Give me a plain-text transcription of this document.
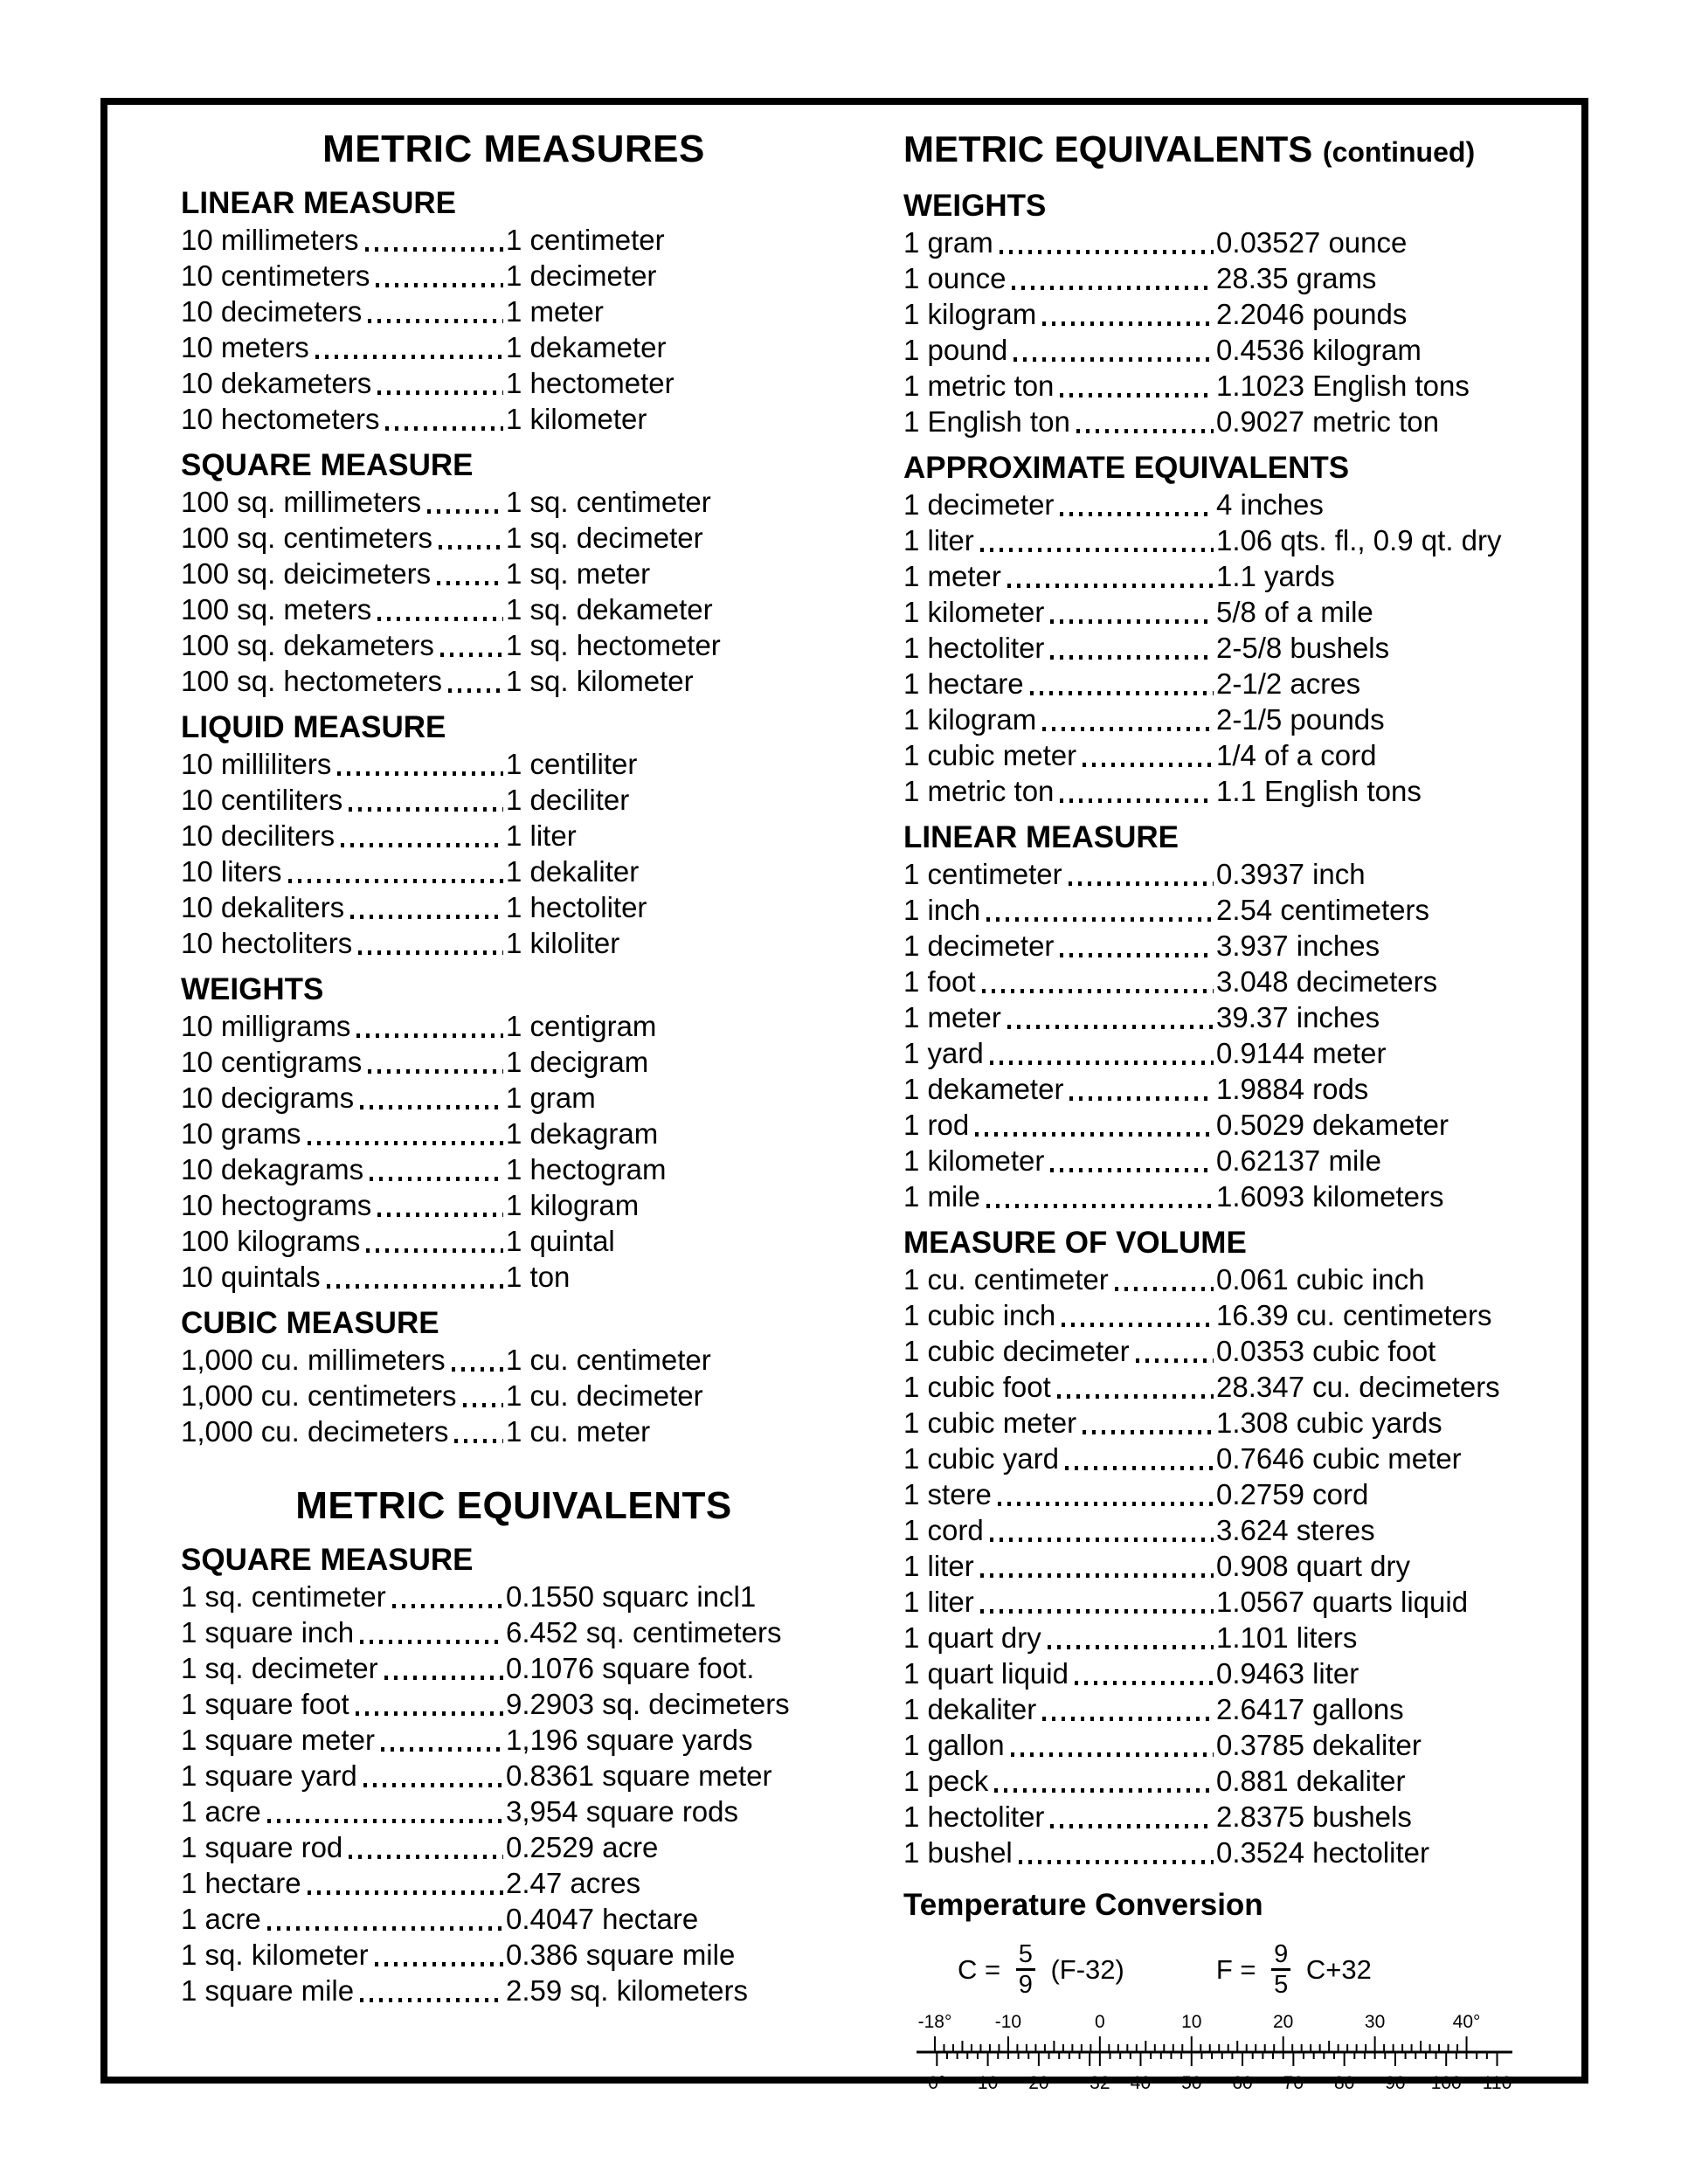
METRIC MEASURES
LINEAR MEASURE
10 millimeters	1 centimeter
10 centimeters	1 decimeter
10 decimeters	1 meter
10 meters	1 dekameter
10 dekameters	1 hectometer
10 hectometers	1 kilometer
SQUARE MEASURE
100 sq. millimeters	1 sq. centimeter
100 sq. centimeters	1 sq. decimeter
100 sq. deicimeters	1 sq. meter
100 sq. meters	1 sq. dekameter
100 sq. dekameters 1 sq. hectometer
100 sq. hectometers 1 sq. kilometer
LIQUID MEASURE
10 milliliters	1 centiliter
10 centiliters	1 deciliter
10 deciliters	1 liter
10 liters	1 dekaliter
10 dekaliters	1 hectoliter
10 hectoliters	1 kiloliter
WEIGHTS
10 milligrams	1 centigram
10 centigrams	1 decigram
10 decigrams	1 gram
10 grams	1 dekagram
10 dekagrams	1 hectogram
10 hectograms	1 kilogram
100 kilograms	1 quintal
10 quintals	1 ton
CUBIC MEASURE
1,000 cu. millimeters 1 cu. centimeter
1,000 cu. centimeters 1 cu. decimeter
1,000 cu. decimeters 1 cu. meter
METRIC EQUIVALENTS
SQUARE MEASURE
1 sq. centimeter	0.1550 squarc incl1
1 square inch	6.452 sq. centimeters
1 sq. decimeter	0.1076 square foot.
1 square foot	9.2903 sq. decimeters
1 square meter	1,196 square yards
1 square yard	0.8361 square meter
1 acre	3,954 square rods
1 square rod	0.2529 acre
1 hectare	2.47 acres
1 acre	0.4047 hectare
1 sq. kilometer	0.386 square mile
1 square mile	2.59 sq. kilometers
METRIC EQUIVALENTS (continued)
WEIGHTS
1 gram	0.03527 ounce
1 ounce	28.35 grams
1 kilogram	2.2046 pounds
1 pound	0.4536 kilogram
1 metric ton	1.1023 English tons
1 English ton	0.9027 metric ton
APPROXIMATE EQUIVALENTS
1 decimeter	4 inches
1 liter	1.06 qts. fl., 0.9 qt. dry
1 meter	1.1 yards
1 kilometer	5/8 of a mile
1 hectoliter	2-5/8 bushels
1 hectare	2-1/2 acres
1 kilogram	2-1/5 pounds
1 cubic meter	1/4 of a cord
1 metric ton	1.1 English tons
LINEAR MEASURE
1 centimeter	0.3937 inch
1 inch	2.54 centimeters
1 decimeter	3.937 inches
1 foot	3.048 decimeters
1 meter	39.37 inches
1 yard	0.9144 meter
1 dekameter	1.9884 rods
1 rod	0.5029 dekameter
1 kilometer	0.62137 mile
1 mile	1.6093 kilometers
MEASURE OF VOLUME
1 cu. centimeter	0.061 cubic inch
1 cubic inch	16.39 cu. centimeters
1 cubic decimeter	0.0353 cubic foot
1 cubic foot	28.347 cu. decimeters
1 cubic meter	1.308 cubic yards
1 cubic yard	0.7646 cubic meter
1 stere	0.2759 cord
1 cord	3.624 steres
1 liter	0.908 quart dry
1 liter	1.0567 quarts liquid
1 quart dry	1.101 liters
1 quart liquid	0.9463 liter
1 dekaliter	2.6417 gallons
1 gallon	0.3785 dekaliter
1 peck	0.881 dekaliter
1 hectoliter	2.8375 bushels
1 bushel	0.3524 hectoliter
Temperature Conversion
$C = \frac{5}{9} (F-32)$	$F = \frac{9}{5} C+32$
-18° -10	0	10	20	30	40°
0° 10 20 32 40 50 60 70 80 90 100 110
